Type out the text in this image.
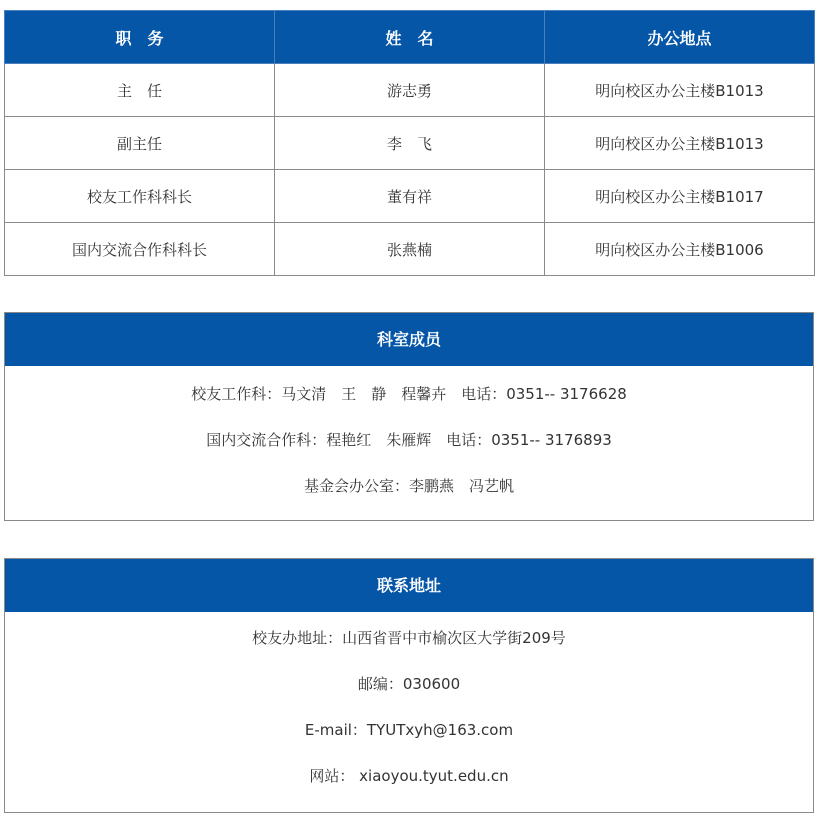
职　务	姓　名	办公地点
主　任	游志勇	明向校区办公主楼B1013
副主任	李　飞	明向校区办公主楼B1013
校友工作科科长	董有祥	明向校区办公主楼B1017
国内交流合作科科长	张燕楠	明向校区办公主楼B1006
科室成员
校友工作科：马文清　王　静　程馨卉　电话：0351-- 3176628
国内交流合作科：程艳红　朱雁辉　电话：0351-- 3176893
基金会办公室：李鹏燕　冯艺帆
联系地址
校友办地址：山西省晋中市榆次区大学街209号
邮编：030600
E-mail：TYUTxyh@163.com
网站： xiaoyou.tyut.edu.cn
